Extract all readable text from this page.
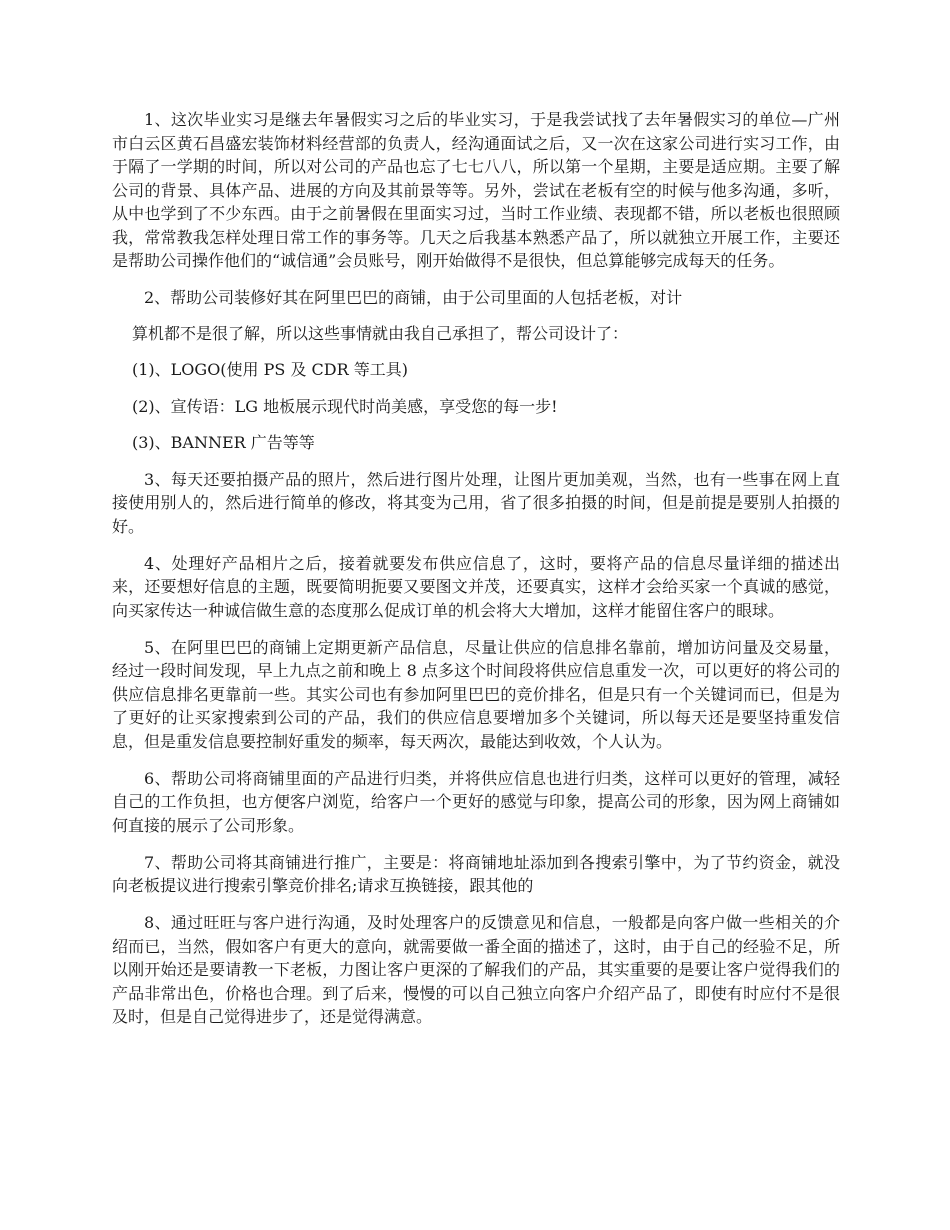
1、这次毕业实习是继去年暑假实习之后的毕业实习，于是我尝试找了去年暑假实习的单位—广州市白云区黄石昌盛宏装饰材料经营部的负责人，经沟通面试之后，又一次在这家公司进行实习工作，由于隔了一学期的时间，所以对公司的产品也忘了七七八八，所以第一个星期，主要是适应期。主要了解公司的背景、具体产品、进展的方向及其前景等等。另外，尝试在老板有空的时候与他多沟通，多听，从中也学到了不少东西。由于之前暑假在里面实习过，当时工作业绩、表现都不错，所以老板也很照顾我，常常教我怎样处理日常工作的事务等。几天之后我基本熟悉产品了，所以就独立开展工作，主要还是帮助公司操作他们的“诚信通”会员账号，刚开始做得不是很快，但总算能够完成每天的任务。

2、帮助公司装修好其在阿里巴巴的商铺，由于公司里面的人包括老板，对计

算机都不是很了解，所以这些事情就由我自己承担了，帮公司设计了：

(1)、LOGO(使用 PS 及 CDR 等工具)

(2)、宣传语：LG 地板展示现代时尚美感，享受您的每一步!

(3)、BANNER 广告等等

3、每天还要拍摄产品的照片，然后进行图片处理，让图片更加美观，当然，也有一些事在网上直接使用别人的，然后进行简单的修改，将其变为己用，省了很多拍摄的时间，但是前提是要别人拍摄的好。

4、处理好产品相片之后，接着就要发布供应信息了，这时，要将产品的信息尽量详细的描述出来，还要想好信息的主题，既要简明扼要又要图文并茂，还要真实，这样才会给买家一个真诚的感觉，向买家传达一种诚信做生意的态度那么促成订单的机会将大大增加，这样才能留住客户的眼球。

5、在阿里巴巴的商铺上定期更新产品信息，尽量让供应的信息排名靠前，增加访问量及交易量，经过一段时间发现，早上九点之前和晚上 8 点多这个时间段将供应信息重发一次，可以更好的将公司的供应信息排名更靠前一些。其实公司也有参加阿里巴巴的竞价排名，但是只有一个关键词而已，但是为了更好的让买家搜索到公司的产品，我们的供应信息要增加多个关键词，所以每天还是要坚持重发信息，但是重发信息要控制好重发的频率，每天两次，最能达到收效，个人认为。

6、帮助公司将商铺里面的产品进行归类，并将供应信息也进行归类，这样可以更好的管理，减轻自己的工作负担，也方便客户浏览，给客户一个更好的感觉与印象，提高公司的形象，因为网上商铺如何直接的展示了公司形象。

7、帮助公司将其商铺进行推广，主要是：将商铺地址添加到各搜索引擎中，为了节约资金，就没向老板提议进行搜索引擎竞价排名;请求互换链接，跟其他的

8、通过旺旺与客户进行沟通，及时处理客户的反馈意见和信息，一般都是向客户做一些相关的介绍而已，当然，假如客户有更大的意向，就需要做一番全面的描述了，这时，由于自己的经验不足，所以刚开始还是要请教一下老板，力图让客户更深的了解我们的产品，其实重要的是要让客户觉得我们的产品非常出色，价格也合理。到了后来，慢慢的可以自己独立向客户介绍产品了，即使有时应付不是很及时，但是自己觉得进步了，还是觉得满意。
